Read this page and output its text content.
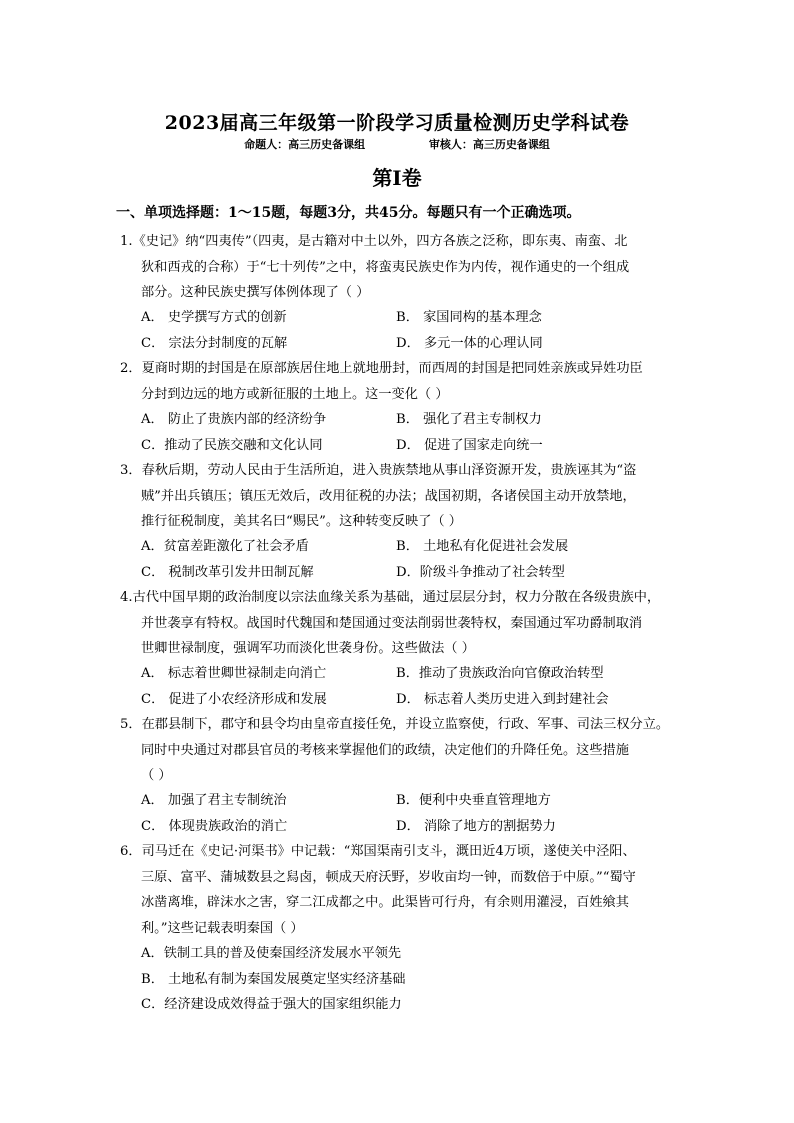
2023届高三年级第一阶段学习质量检测历史学科试卷
命题人：高三历史备课组	审核人：高三历史备课组
第Ⅰ卷
一、单项选择题：1～15题，每题3分，共45分。每题只有一个正确选项。
1.《史记》纳“四夷传”（四夷，是古籍对中土以外，四方各族之泛称，即东夷、南蛮、北
狄和西戎的合称）于“七十列传”之中，将蛮夷民族史作为内传，视作通史的一个组成
部分。这种民族史撰写体例体现了（ ）
A． 史学撰写方式的创新	B． 家国同构的基本理念
C． 宗法分封制度的瓦解	D． 多元一体的心理认同
2．夏商时期的封国是在原部族居住地上就地册封，而西周的封国是把同姓亲族或异姓功臣
分封到边远的地方或新征服的土地上。这一变化（ ）
A． 防止了贵族内部的经济纷争	B． 强化了君主专制权力
C．推动了民族交融和文化认同	D． 促进了国家走向统一
3．春秋后期，劳动人民由于生活所迫，进入贵族禁地从事山泽资源开发，贵族诬其为“盗
贼”并出兵镇压；镇压无效后，改用征税的办法；战国初期，各诸侯国主动开放禁地，
推行征税制度，美其名曰“赐民”。这种转变反映了（ ）
A．贫富差距激化了社会矛盾	B． 土地私有化促进社会发展
C． 税制改革引发井田制瓦解	D．阶级斗争推动了社会转型
4.古代中国早期的政治制度以宗法血缘关系为基础，通过层层分封，权力分散在各级贵族中，
并世袭享有特权。战国时代魏国和楚国通过变法削弱世袭特权，秦国通过军功爵制取消
世卿世禄制度，强调军功而淡化世袭身份。这些做法（ ）
A． 标志着世卿世禄制走向消亡	B．推动了贵族政治向官僚政治转型
C． 促进了小农经济形成和发展	D． 标志着人类历史进入到封建社会
5．在郡县制下，郡守和县令均由皇帝直接任免，并设立监察使，行政、军事、司法三权分立。
同时中央通过对郡县官员的考核来掌握他们的政绩，决定他们的升降任免。这些措施
（ ）
A． 加强了君主专制统治	B．便利中央垂直管理地方
C． 体现贵族政治的消亡	D． 消除了地方的割据势力
6．司马迁在《史记·河渠书》中记载：“郑国渠南引支斗，溉田近4万顷，遂使关中泾阳、
三原、富平、蒲城数县之舄卤，顿成天府沃野，岁收亩均一钟，而数倍于中原。”“蜀守
冰凿离堆，辟沫水之害，穿二江成都之中。此渠皆可行舟，有余则用灌浸，百姓飨其
利。”这些记载表明秦国（ ）
A．铁制工具的普及使秦国经济发展水平领先
B． 土地私有制为秦国发展奠定坚实经济基础
C．经济建设成效得益于强大的国家组织能力
